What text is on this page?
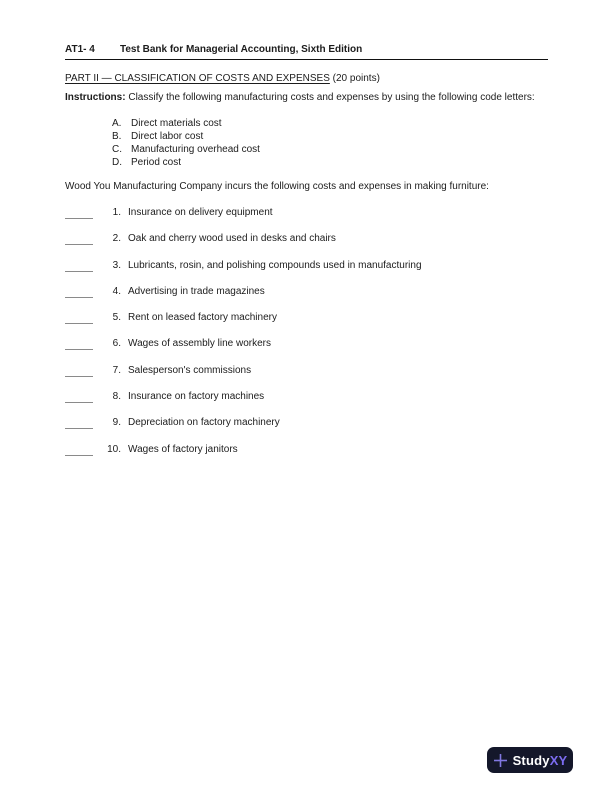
AT1- 4	Test Bank for Managerial Accounting, Sixth Edition
PART II — CLASSIFICATION OF COSTS AND EXPENSES (20 points)
Instructions: Classify the following manufacturing costs and expenses by using the following code letters:
A. Direct materials cost
B. Direct labor cost
C. Manufacturing overhead cost
D. Period cost
Wood You Manufacturing Company incurs the following costs and expenses in making furniture:
1. Insurance on delivery equipment
2. Oak and cherry wood used in desks and chairs
3. Lubricants, rosin, and polishing compounds used in manufacturing
4. Advertising in trade magazines
5. Rent on leased factory machinery
6. Wages of assembly line workers
7. Salesperson's commissions
8. Insurance on factory machines
9. Depreciation on factory machinery
10. Wages of factory janitors
StudyXY
